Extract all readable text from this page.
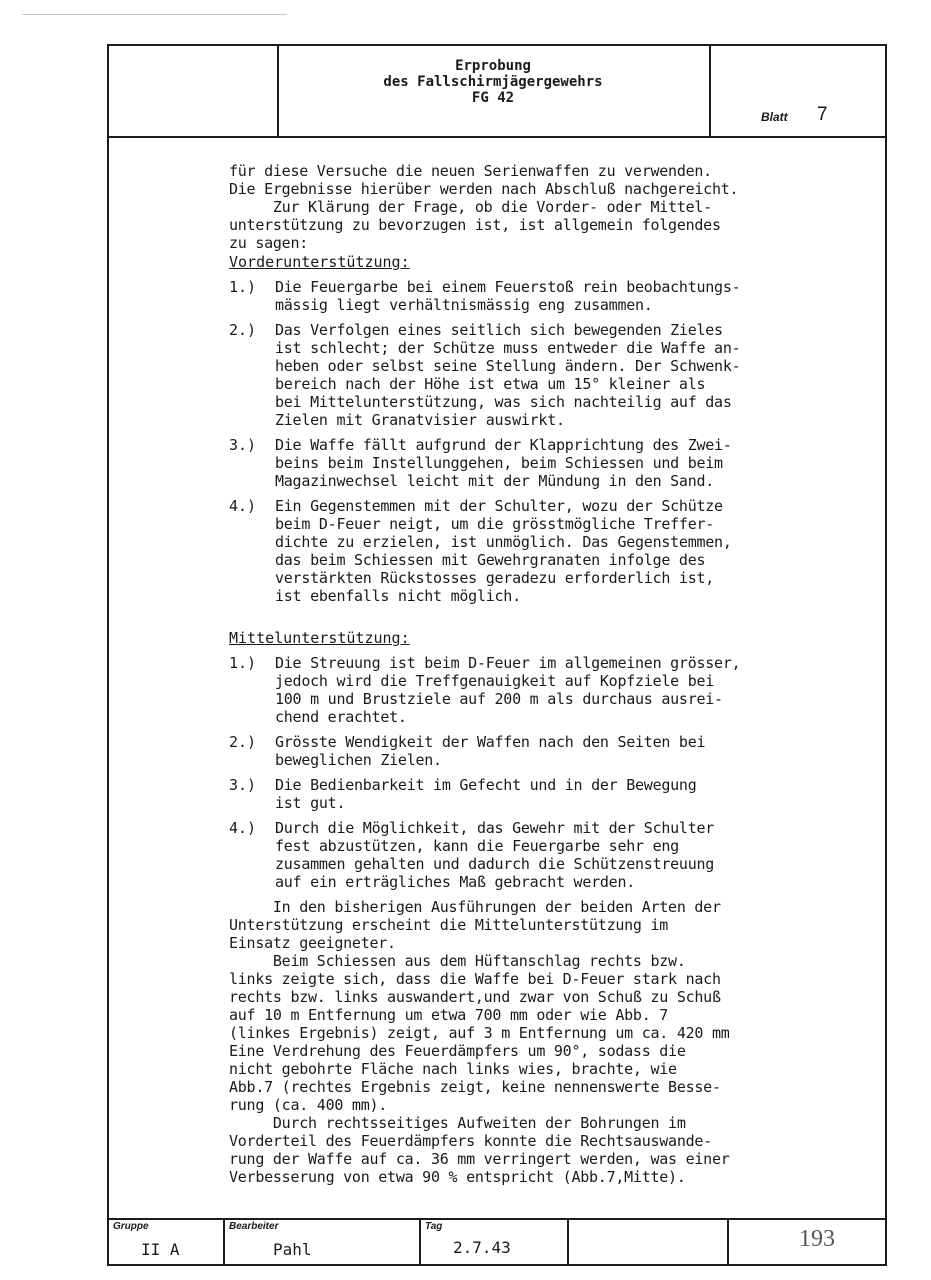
Erprobung
des Fallschirmjägergewehrs
FG 42
Blatt 7
für diese Versuche die neuen Serienwaffen zu verwenden.
Die Ergebnisse hierüber werden nach Abschluß nachgereicht.
Zur Klärung der Frage, ob die Vorder- oder Mittel-
unterstützung zu bevorzugen ist, ist allgemein folgendes
zu sagen:
Vorderunterstützung:
1.)	Die Feuergarbe bei einem Feuerstoß rein beobachtungs-
mässig liegt verhältnismässig eng zusammen.
2.)	Das Verfolgen eines seitlich sich bewegenden Zieles
ist schlecht; der Schütze muss entweder die Waffe an-
heben oder selbst seine Stellung ändern. Der Schwenk-
bereich nach der Höhe ist etwa um 15° kleiner als
bei Mittelunterstützung, was sich nachteilig auf das
Zielen mit Granatvisier auswirkt.
3.)	Die Waffe fällt aufgrund der Klapprichtung des Zwei-
beins beim Instellunggehen, beim Schiessen und beim
Magazinwechsel leicht mit der Mündung in den Sand.
4.)	Ein Gegenstemmen mit der Schulter, wozu der Schütze
beim D-Feuer neigt, um die grösstmögliche Treffer-
dichte zu erzielen, ist unmöglich. Das Gegenstemmen,
das beim Schiessen mit Gewehrgranaten infolge des
verstärkten Rückstosses geradezu erforderlich ist,
ist ebenfalls nicht möglich.
Mittelunterstützung:
1.)	Die Streuung ist beim D-Feuer im allgemeinen grösser,
jedoch wird die Treffgenauigkeit auf Kopfziele bei
100 m und Brustziele auf 200 m als durchaus ausrei-
chend erachtet.
2.)	Grösste Wendigkeit der Waffen nach den Seiten bei
beweglichen Zielen.
3.)	Die Bedienbarkeit im Gefecht und in der Bewegung
ist gut.
4.)	Durch die Möglichkeit, das Gewehr mit der Schulter
fest abzustützen, kann die Feuergarbe sehr eng
zusammen gehalten und dadurch die Schützenstreuung
auf ein erträgliches Maß gebracht werden.
In den bisherigen Ausführungen der beiden Arten der
Unterstützung erscheint die Mittelunterstützung im
Einsatz geeigneter.
Beim Schiessen aus dem Hüftanschlag rechts bzw.
links zeigte sich, dass die Waffe bei D-Feuer stark nach
rechts bzw. links auswandert,und zwar von Schuß zu Schuß
auf 10 m Entfernung um etwa 700 mm oder wie Abb. 7
(linkes Ergebnis) zeigt, auf 3 m Entfernung um ca. 420 mm
Eine Verdrehung des Feuerdämpfers um 90°, sodass die
nicht gebohrte Fläche nach links wies, brachte, wie
Abb.7 (rechtes Ergebnis zeigt, keine nennenswerte Besse-
rung (ca. 400 mm).
Durch rechtsseitiges Aufweiten der Bohrungen im
Vorderteil des Feuerdämpfers konnte die Rechtsauswande-
rung der Waffe auf ca. 36 mm verringert werden, was einer
Verbesserung von etwa 90 % entspricht (Abb.7,Mitte).
Gruppe
II A
Bearbeiter
Pahl
Tag
2.7.43	193
